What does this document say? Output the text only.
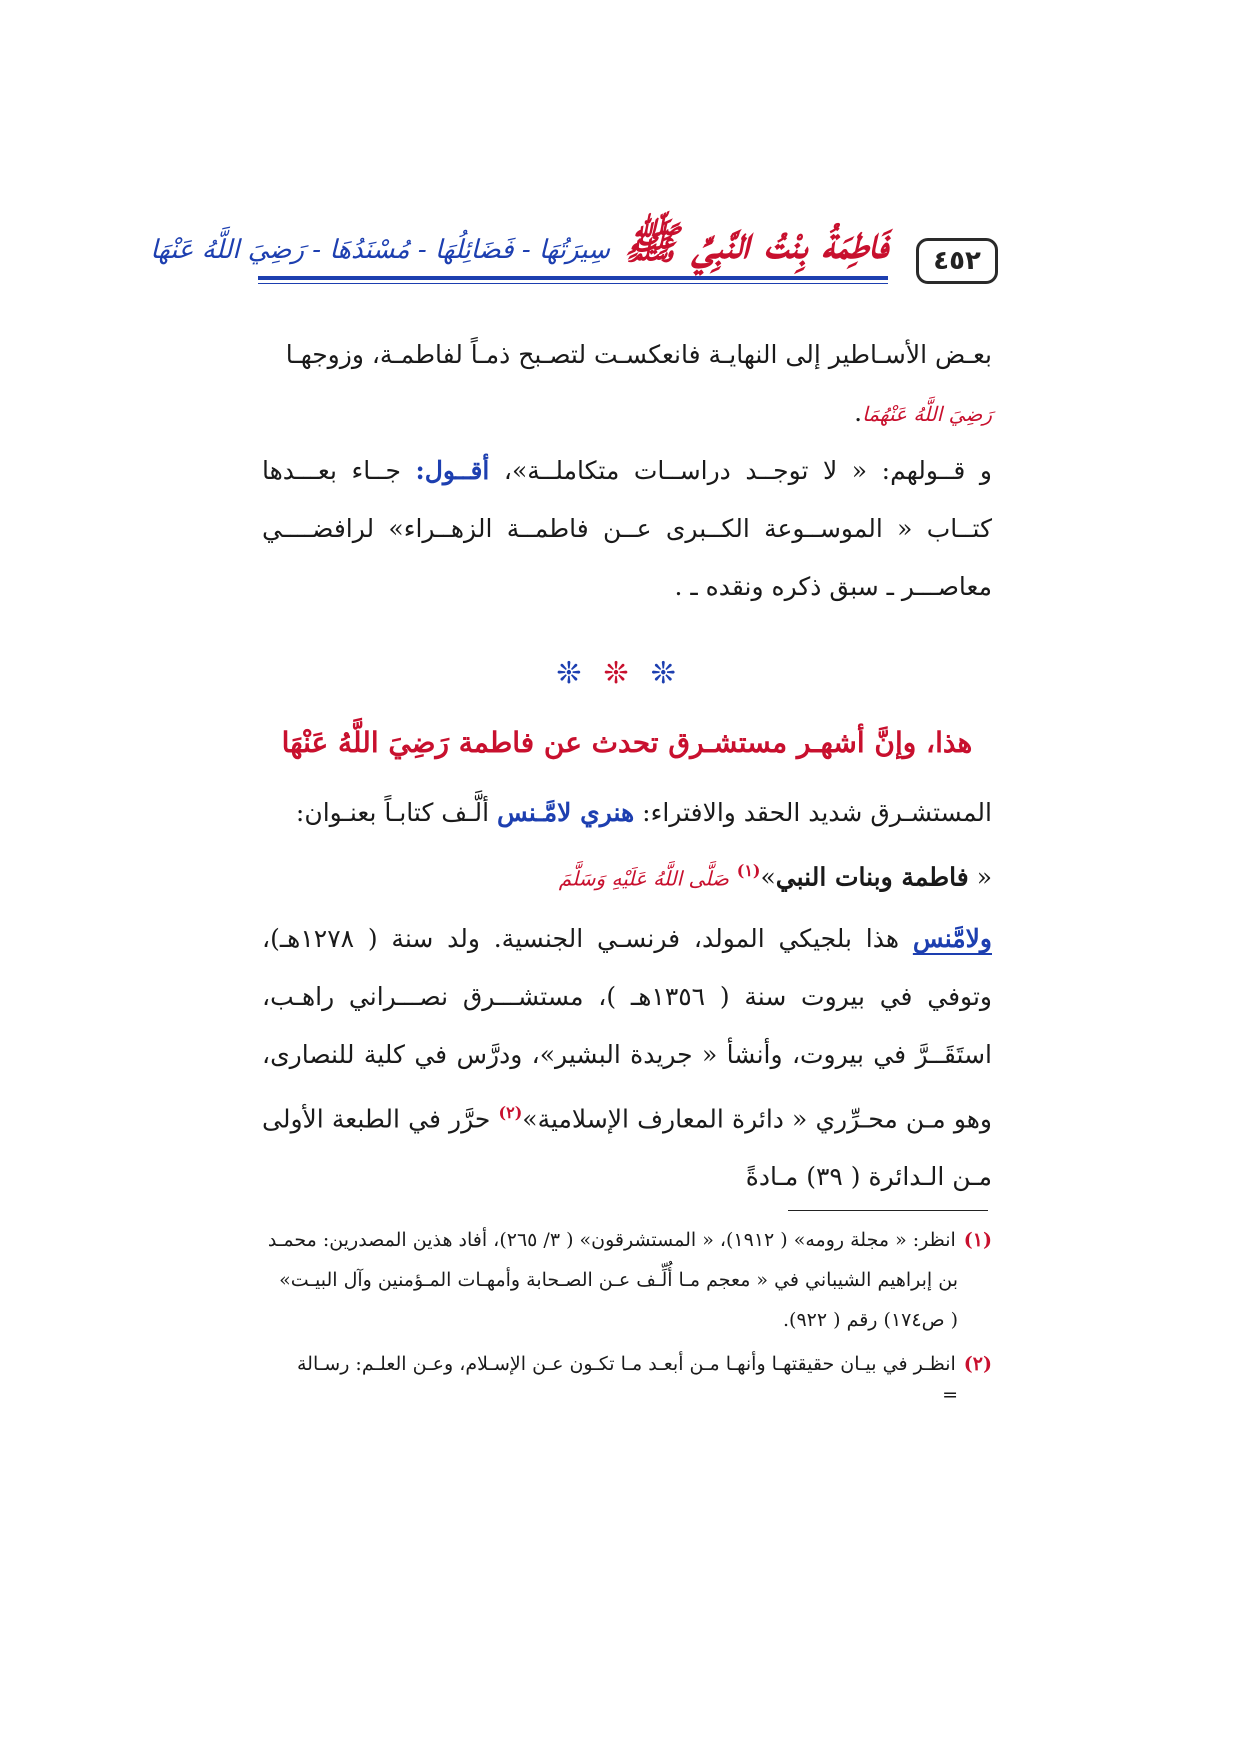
٤٥٢
فَاطِمَةُ بِنْتُ النَّبِيِّ ﷺ
سِيرَتُهَا - فَضَائِلُهَا - مُسْنَدُهَا - رَضِيَ اللَّهُ عَنْهَا
بعـض الأسـاطير إلى النهايـة فانعكسـت لتصـبح ذمـاً لفاطمـة، وزوجهـا
رَضِيَ اللَّهُ عَنْهُمَا.
و قــولهم: « لا توجــد دراســات متكاملــة»، أقــول: جــاء بعـــدها كتــاب « الموســوعة الكــبرى عــن فاطمــة الزهــراء» لرافضــــي معاصـــر ـ سبق ذكره ونقده ـ .
❊❊❊
هذا، وإنَّ أشهـر مستشـرق تحدث عن فاطمة رَضِيَ اللَّهُ عَنْهَا
المستشـرق شديد الحقد والافتراء: هنري لامَّـنس ألَّـف كتابـاً بعنـوان:
« فاطمة وبنات النبي»$^{(١)}$ صَلَّى اللَّهُ عَلَيْهِ وَسَلَّمَ
ولامَّنس هذا بلجيكي المولد، فرنسـي الجنسية. ولد سنة ( ١٢٧٨هـ)، وتوفي في بيروت سنة ( ١٣٥٦هـ )، مستشـــرق نصـــراني راهـب، استَقَــرَّ في بيروت، وأنشأ « جريدة البشير»، ودرَّس في كلية للنصارى، وهو مـن محـرِّري « دائرة المعارف الإسلامية»$^{(٢)}$ حرَّر في الطبعة الأولى مـن الـدائرة ( ٣٩) مـادةً
(١)انظر: « مجلة رومه» ( ١٩١٢)، « المستشرقون» ( ٣/ ٢٦٥)، أفاد هذين المصدرين: محمـد
بن إبراهيم الشيباني في « معجم مـا أُلِّـف عـن الصـحابة وأمهـات المـؤمنين وآل البيـت»
( ص١٧٤) رقم ( ٩٢٢).
(٢)انظـر في بيـان حقيقتهـا وأنهـا مـن أبعـد مـا تكـون عـن الإسـلام، وعـن العلـم: رسـالة
=
